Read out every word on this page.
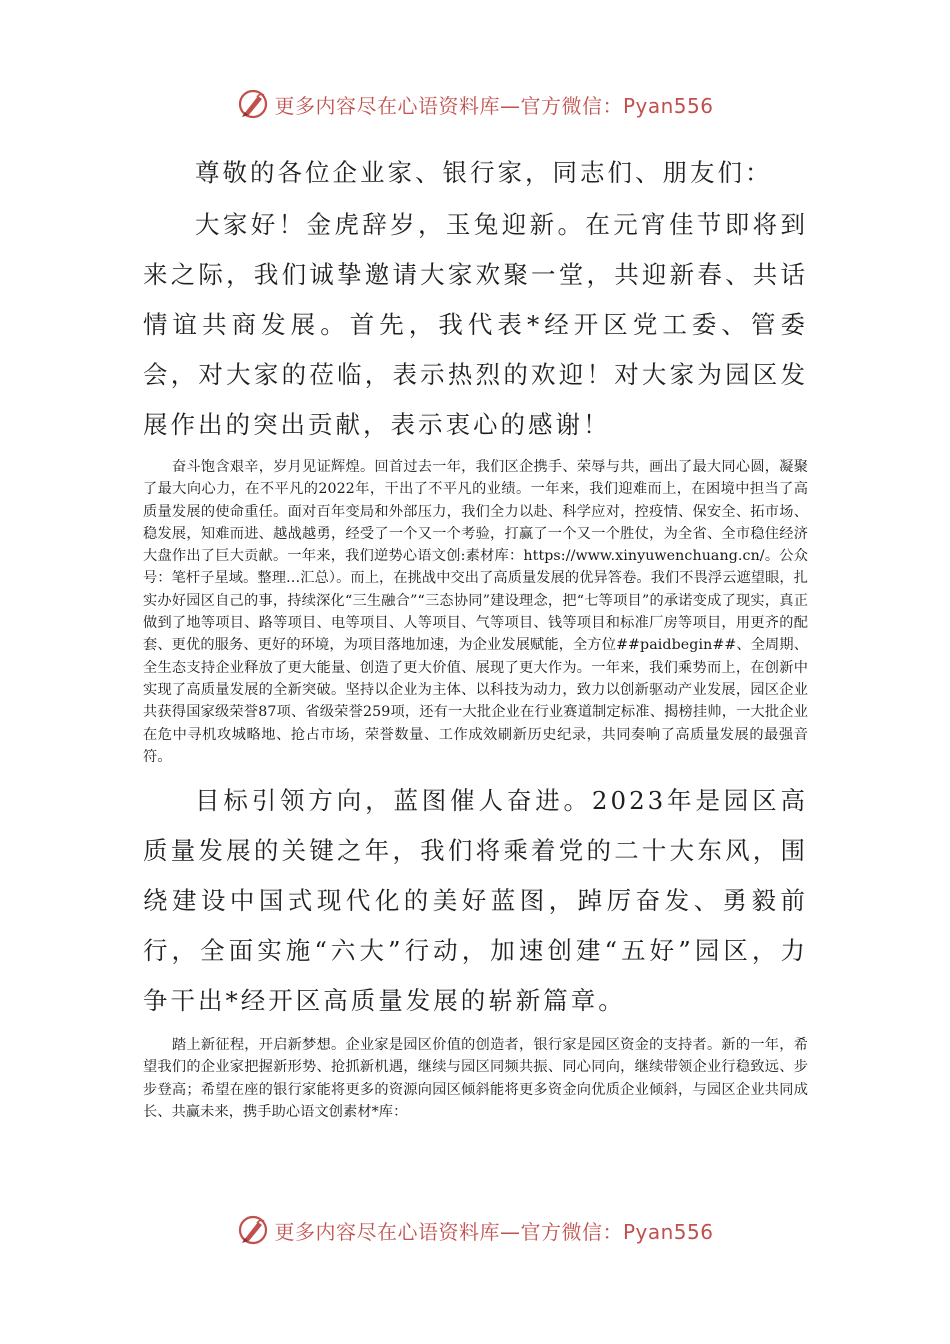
更多内容尽在心语资料库—官方微信：Pyan556

尊敬的各位企业家、银行家，同志们、朋友们：

大家好！金虎辞岁，玉兔迎新。在元宵佳节即将到来之际，我们诚挚邀请大家欢聚一堂，共迎新春、共话情谊共商发展。首先，我代表*经开区党工委、管委会，对大家的莅临，表示热烈的欢迎！对大家为园区发展作出的突出贡献，表示衷心的感谢！

奋斗饱含艰辛，岁月见证辉煌。回首过去一年，我们区企携手、荣辱与共，画出了最大同心圆，凝聚了最大向心力，在不平凡的2022年，干出了不平凡的业绩。一年来，我们迎难而上，在困境中担当了高质量发展的使命重任。面对百年变局和外部压力，我们全力以赴、科学应对，控疫情、保安全、拓市场、稳发展，知难而进、越战越勇，经受了一个又一个考验，打赢了一个又一个胜仗，为全省、全市稳住经济大盘作出了巨大贡献。一年来，我们逆势心语文创:素材库：https://www.xinyuwenchuang.cn/。公众号：笔杆子星域。整理…汇总）。而上，在挑战中交出了高质量发展的优异答卷。我们不畏浮云遮望眼，扎实办好园区自己的事，持续深化“三生融合”“三态协同”建设理念，把“七等项目”的承诺变成了现实，真正做到了地等项目、路等项目、电等项目、人等项目、气等项目、钱等项目和标准厂房等项目，用更齐的配套、更优的服务、更好的环境，为项目落地加速，为企业发展赋能，全方位##paidbegin##、全周期、全生态支持企业释放了更大能量、创造了更大价值、展现了更大作为。一年来，我们乘势而上，在创新中实现了高质量发展的全新突破。坚持以企业为主体、以科技为动力，致力以创新驱动产业发展，园区企业共获得国家级荣誉87项、省级荣誉259项，还有一大批企业在行业赛道制定标准、揭榜挂帅，一大批企业在危中寻机攻城略地、抢占市场，荣誉数量、工作成效刷新历史纪录，共同奏响了高质量发展的最强音符。

目标引领方向，蓝图催人奋进。2023年是园区高质量发展的关键之年，我们将乘着党的二十大东风，围绕建设中国式现代化的美好蓝图，踔厉奋发、勇毅前行，全面实施“六大”行动，加速创建“五好”园区，力争干出*经开区高质量发展的崭新篇章。

踏上新征程，开启新梦想。企业家是园区价值的创造者，银行家是园区资金的支持者。新的一年，希望我们的企业家把握新形势、抢抓新机遇，继续与园区同频共振、同心同向，继续带领企业行稳致远、步步登高；希望在座的银行家能将更多的资源向园区倾斜能将更多资金向优质企业倾斜，与园区企业共同成长、共赢未来，携手助心语文创素材*库：

更多内容尽在心语资料库—官方微信：Pyan556
